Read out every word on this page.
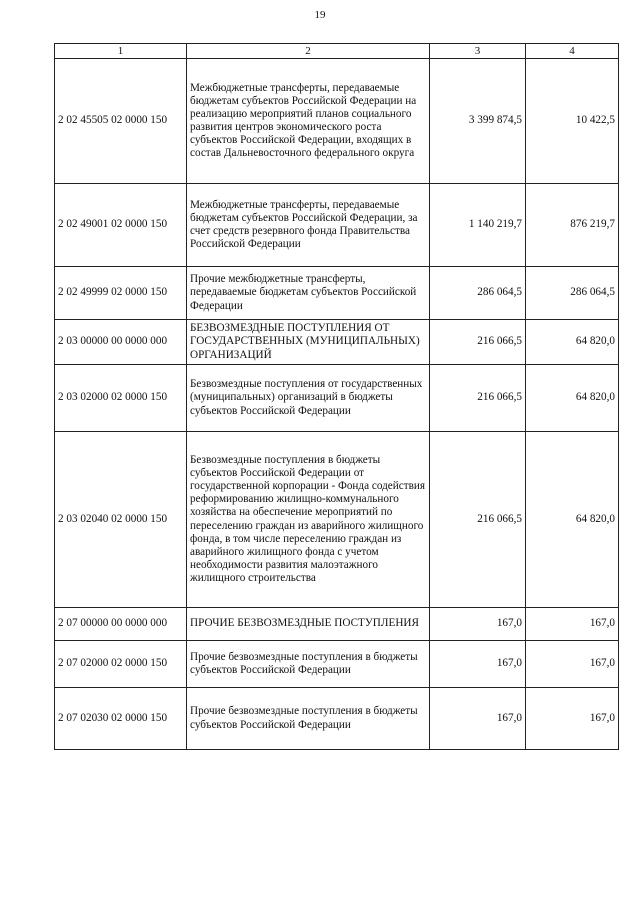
19
1	2	3	4
2 02 45505 02 0000 150	Межбюджетные трансферты, передаваемые бюджетам субъектов Российской Федерации на реализацию мероприятий планов социального развития центров экономического роста субъектов Российской Федерации, входящих в состав Дальневосточного федерального округа	3 399 874,5	10 422,5
2 02 49001 02 0000 150	Межбюджетные трансферты, передаваемые бюджетам субъектов Российской Федерации, за счет средств резервного фонда Правительства Российской Федерации	1 140 219,7	876 219,7
2 02 49999 02 0000 150	Прочие межбюджетные трансферты, передаваемые бюджетам субъектов Российской Федерации	286 064,5	286 064,5
2 03 00000 00 0000 000	БЕЗВОЗМЕЗДНЫЕ ПОСТУПЛЕНИЯ ОТ ГОСУДАРСТВЕННЫХ (МУНИЦИПАЛЬНЫХ) ОРГАНИЗАЦИЙ	216 066,5	64 820,0
2 03 02000 02 0000 150	Безвозмездные поступления от государственных (муниципальных) организаций в бюджеты субъектов Российской Федерации	216 066,5	64 820,0
2 03 02040 02 0000 150	Безвозмездные поступления в бюджеты субъектов Российской Федерации от государственной корпорации - Фонда содействия реформированию жилищно-коммунального хозяйства на обеспечение мероприятий по переселению граждан из аварийного жилищного фонда, в том числе переселению граждан из аварийного жилищного фонда с учетом необходимости развития малоэтажного жилищного строительства	216 066,5	64 820,0
2 07 00000 00 0000 000	ПРОЧИЕ БЕЗВОЗМЕЗДНЫЕ ПОСТУПЛЕНИЯ	167,0	167,0
2 07 02000 02 0000 150	Прочие безвозмездные поступления в бюджеты субъектов Российской Федерации	167,0	167,0
2 07 02030 02 0000 150	Прочие безвозмездные поступления в бюджеты субъектов Российской Федерации	167,0	167,0
